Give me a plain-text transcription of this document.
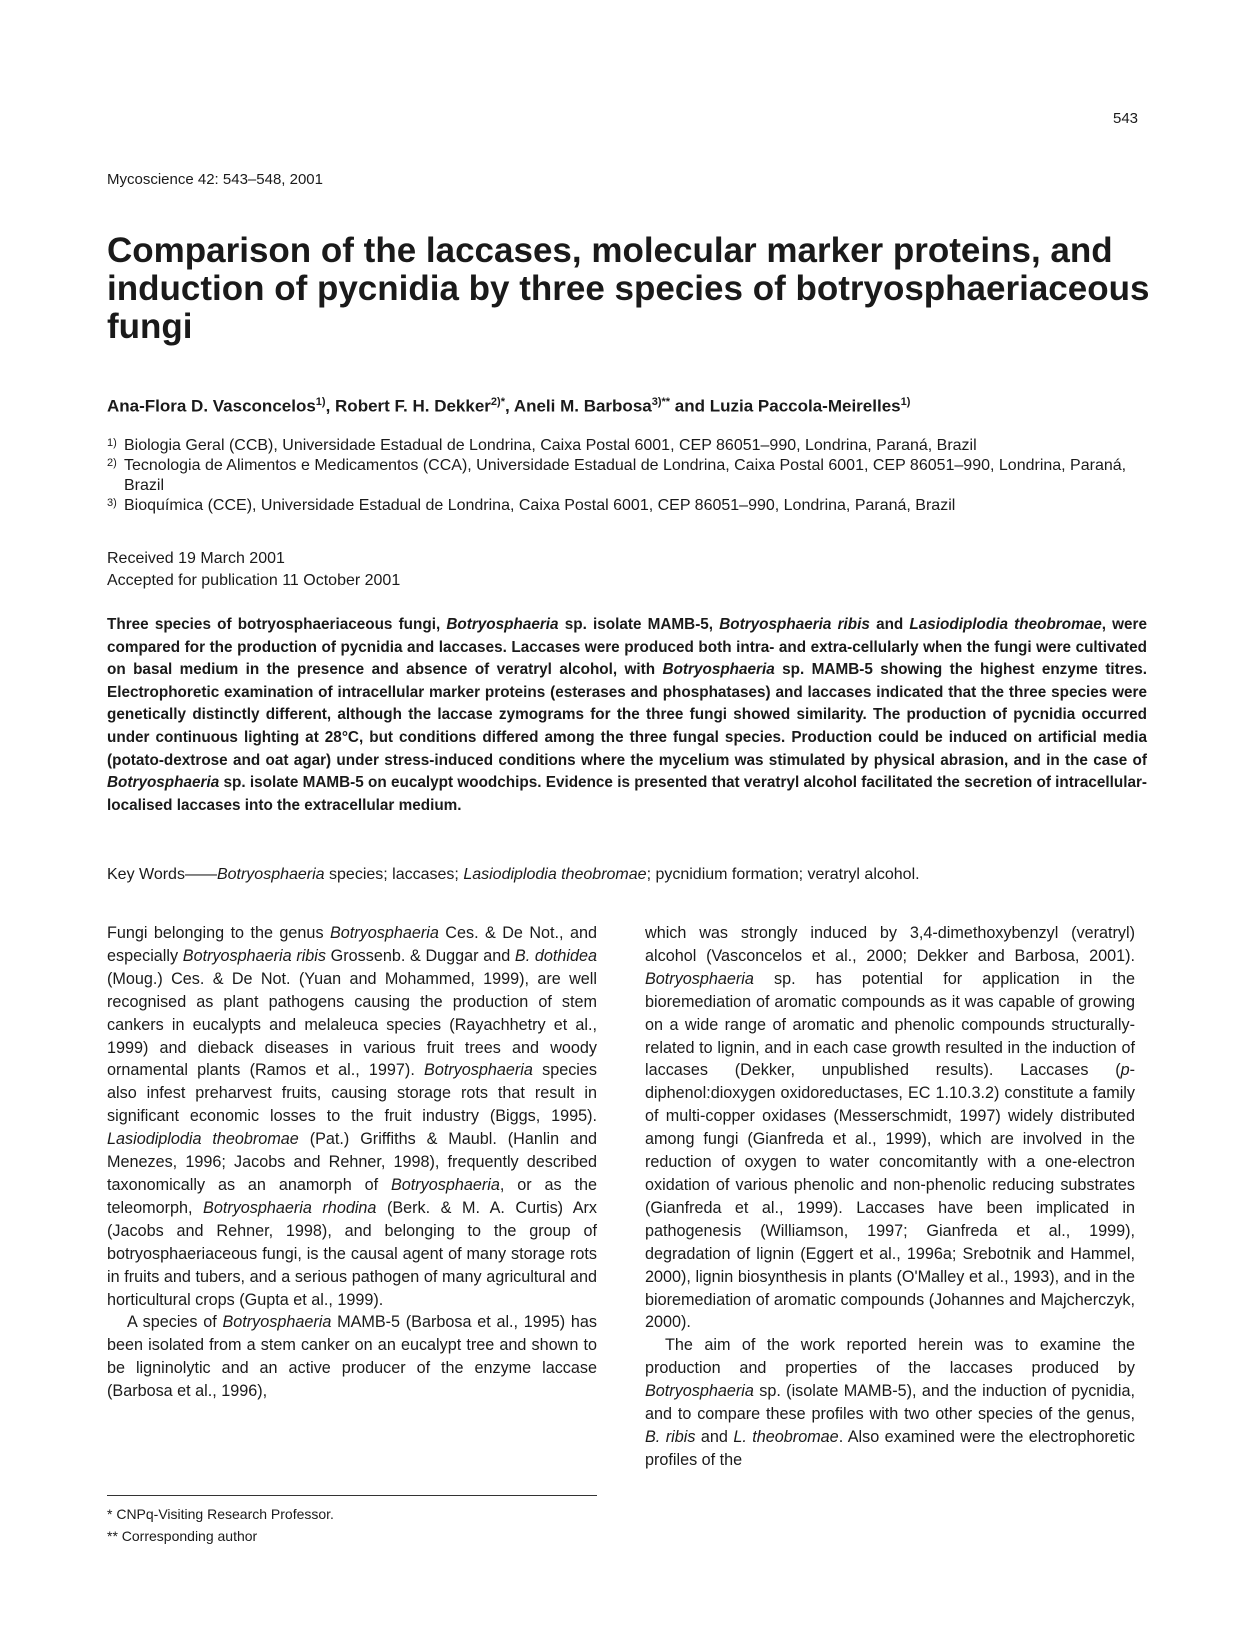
543
Mycoscience 42: 543–548, 2001
Comparison of the laccases, molecular marker proteins, and induction of pycnidia by three species of botryosphaeriaceous fungi
Ana-Flora D. Vasconcelos$^{1)}$, Robert F. H. Dekker$^{2)*}$, Aneli M. Barbosa$^{3)**}$ and Luzia Paccola-Meirelles$^{1)}$

1) Biologia Geral (CCB), Universidade Estadual de Londrina, Caixa Postal 6001, CEP 86051–990, Londrina, Paraná, Brazil

2) Tecnologia de Alimentos e Medicamentos (CCA), Universidade Estadual de Londrina, Caixa Postal 6001, CEP 86051–990, Londrina, Paraná, Brazil

3) Bioquímica (CCE), Universidade Estadual de Londrina, Caixa Postal 6001, CEP 86051–990, Londrina, Paraná, Brazil

Received 19 March 2001
Accepted for publication 11 October 2001

Three species of botryosphaeriaceous fungi, Botryosphaeria sp. isolate MAMB-5, Botryosphaeria ribis and Lasiodiplodia theobromae, were compared for the production of pycnidia and laccases. Laccases were produced both intra- and extra-cellularly when the fungi were cultivated on basal medium in the presence and absence of veratryl alcohol, with Botryosphaeria sp. MAMB-5 showing the highest enzyme titres. Electrophoretic examination of intracellular marker proteins (esterases and phosphatases) and laccases indicated that the three species were genetically distinctly different, although the laccase zymograms for the three fungi showed similarity. The production of pycnidia occurred under continuous lighting at 28°C, but conditions differed among the three fungal species. Production could be induced on artificial media (potato-dextrose and oat agar) under stress-induced conditions where the mycelium was stimulated by physical abrasion, and in the case of Botryosphaeria sp. isolate MAMB-5 on eucalypt woodchips. Evidence is presented that veratryl alcohol facilitated the secretion of intracellular-localised laccases into the extracellular medium.

Key Words——Botryosphaeria species; laccases; Lasiodiplodia theobromae; pycnidium formation; veratryl alcohol.

Fungi belonging to the genus Botryosphaeria Ces. & De Not., and especially Botryosphaeria ribis Grossenb. & Duggar and B. dothidea (Moug.) Ces. & De Not. (Yuan and Mohammed, 1999), are well recognised as plant pathogens causing the production of stem cankers in eucalypts and melaleuca species (Rayachhetry et al., 1999) and dieback diseases in various fruit trees and woody ornamental plants (Ramos et al., 1997). Botryosphaeria species also infest preharvest fruits, causing storage rots that result in significant economic losses to the fruit industry (Biggs, 1995). Lasiodiplodia theobromae (Pat.) Griffiths & Maubl. (Hanlin and Menezes, 1996; Jacobs and Rehner, 1998), frequently described taxonomically as an anamorph of Botryosphaeria, or as the teleomorph, Botryosphaeria rhodina (Berk. & M. A. Curtis) Arx (Jacobs and Rehner, 1998), and belonging to the group of botryosphaeriaceous fungi, is the causal agent of many storage rots in fruits and tubers, and a serious pathogen of many agricultural and horticultural crops (Gupta et al., 1999).

A species of Botryosphaeria MAMB-5 (Barbosa et al., 1995) has been isolated from a stem canker on an eucalypt tree and shown to be ligninolytic and an active producer of the enzyme laccase (Barbosa et al., 1996),

which was strongly induced by 3,4-dimethoxybenzyl (veratryl) alcohol (Vasconcelos et al., 2000; Dekker and Barbosa, 2001). Botryosphaeria sp. has potential for application in the bioremediation of aromatic compounds as it was capable of growing on a wide range of aromatic and phenolic compounds structurally-related to lignin, and in each case growth resulted in the induction of laccases (Dekker, unpublished results). Laccases (p-diphenol:dioxygen oxidoreductases, EC 1.10.3.2) constitute a family of multi-copper oxidases (Messerschmidt, 1997) widely distributed among fungi (Gianfreda et al., 1999), which are involved in the reduction of oxygen to water concomitantly with a one-electron oxidation of various phenolic and non-phenolic reducing substrates (Gianfreda et al., 1999). Laccases have been implicated in pathogenesis (Williamson, 1997; Gianfreda et al., 1999), degradation of lignin (Eggert et al., 1996a; Srebotnik and Hammel, 2000), lignin biosynthesis in plants (O'Malley et al., 1993), and in the bioremediation of aromatic compounds (Johannes and Majcherczyk, 2000).

The aim of the work reported herein was to examine the production and properties of the laccases produced by Botryosphaeria sp. (isolate MAMB-5), and the induction of pycnidia, and to compare these profiles with two other species of the genus, B. ribis and L. theobromae. Also examined were the electrophoretic profiles of the

* CNPq-Visiting Research Professor.
** Corresponding author
